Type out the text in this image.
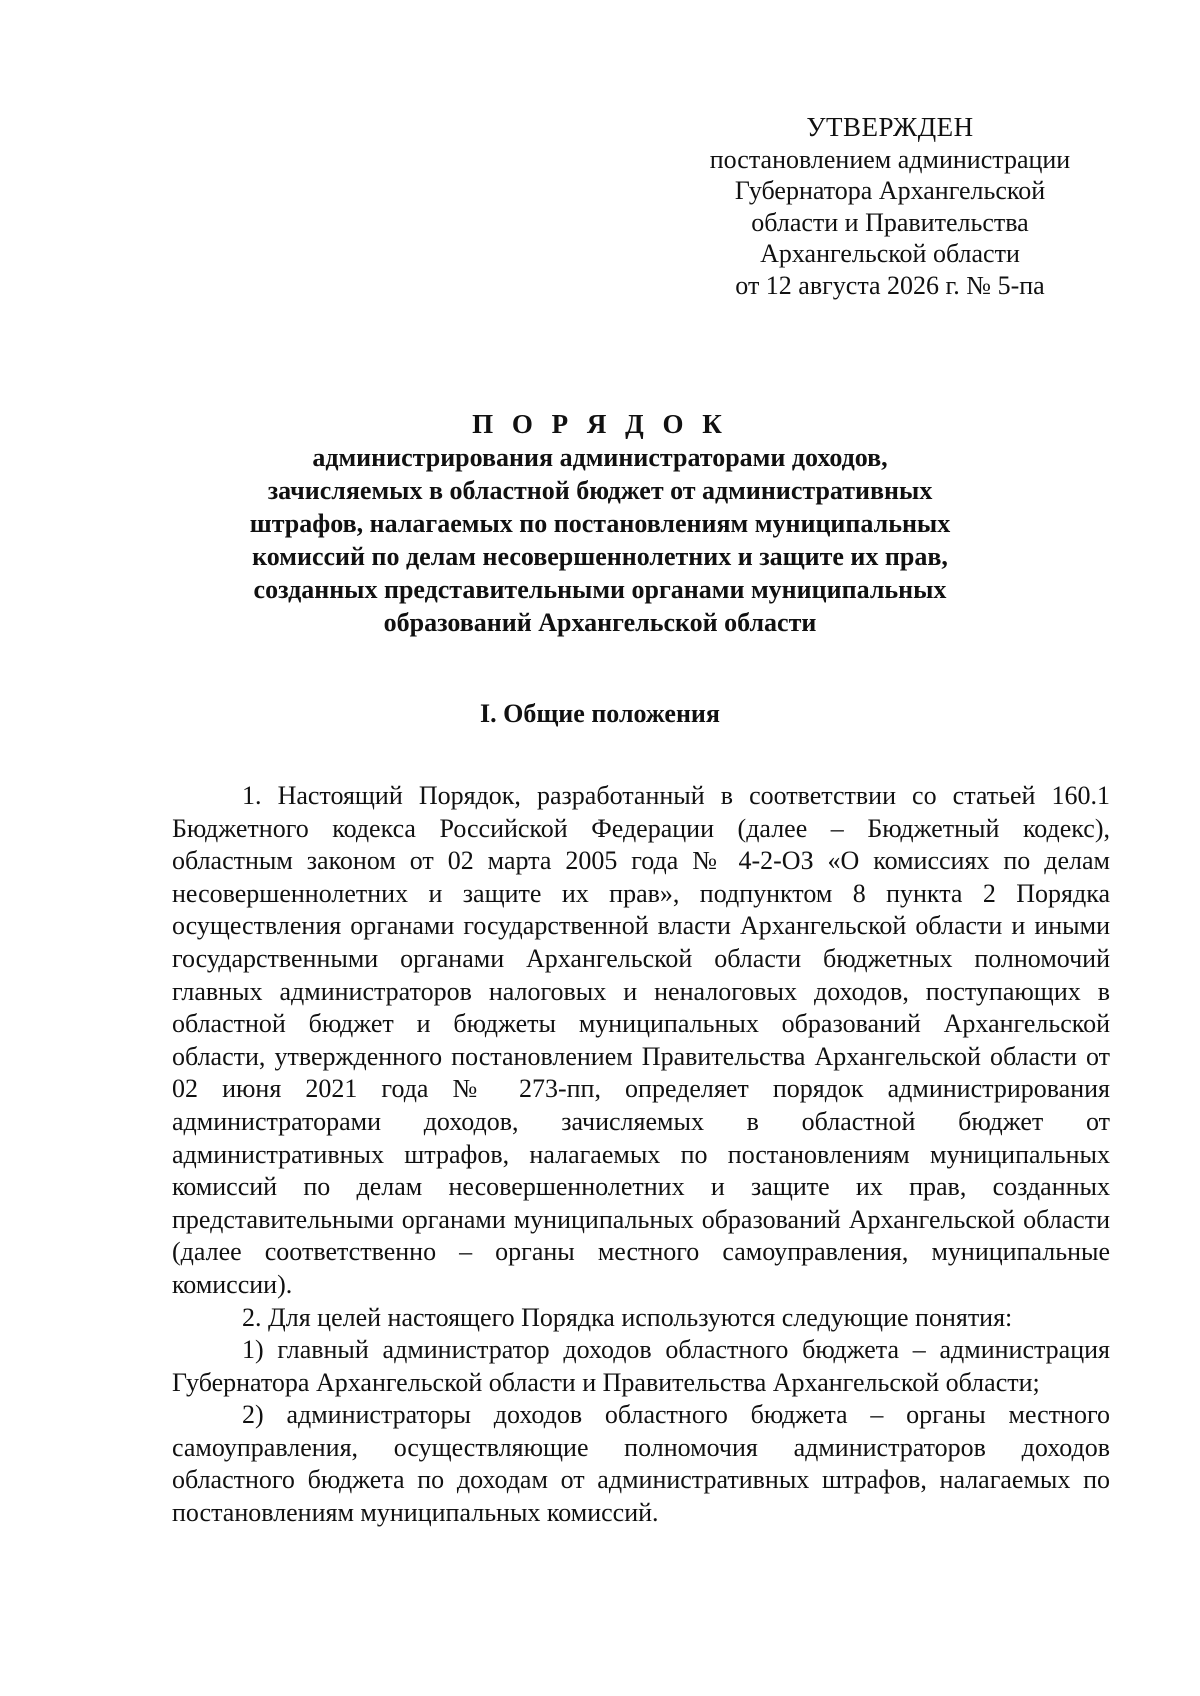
УТВЕРЖДЕН
постановлением администрации
Губернатора Архангельской
области и Правительства
Архангельской области
от 12 августа 2026 г. № 5-па
П О Р Я Д О К
администрирования администраторами доходов,
зачисляемых в областной бюджет от административных
штрафов, налагаемых по постановлениям муниципальных
комиссий по делам несовершеннолетних и защите их прав,
созданных представительными органами муниципальных
образований Архангельской области
I. Общие положения

1. Настоящий Порядок, разработанный в соответствии со статьей 160.1 Бюджетного кодекса Российской Федерации (далее – Бюджетный кодекс), областным законом от 02 марта 2005 года № 4-2-ОЗ «О комиссиях по делам несовершеннолетних и защите их прав», подпунктом 8 пункта 2 Порядка осуществления органами государственной власти Архангельской области и иными государственными органами Архангельской области бюджетных полномочий главных администраторов налоговых и неналоговых доходов, поступающих в областной бюджет и бюджеты муниципальных образований Архангельской области, утвержденного постановлением Правительства Архангельской области от 02 июня 2021 года № 273-пп, определяет порядок администрирования администраторами доходов, зачисляемых в областной бюджет от административных штрафов, налагаемых по постановлениям муниципальных комиссий по делам несовершеннолетних и защите их прав, созданных представительными органами муниципальных образований Архангельской области (далее соответственно – органы местного самоуправления, муниципальные комиссии).

2. Для целей настоящего Порядка используются следующие понятия:

1) главный администратор доходов областного бюджета – администрация Губернатора Архангельской области и Правительства Архангельской области;

2) администраторы доходов областного бюджета – органы местного самоуправления, осуществляющие полномочия администраторов доходов областного бюджета по доходам от административных штрафов, налагаемых по постановлениям муниципальных комиссий.
